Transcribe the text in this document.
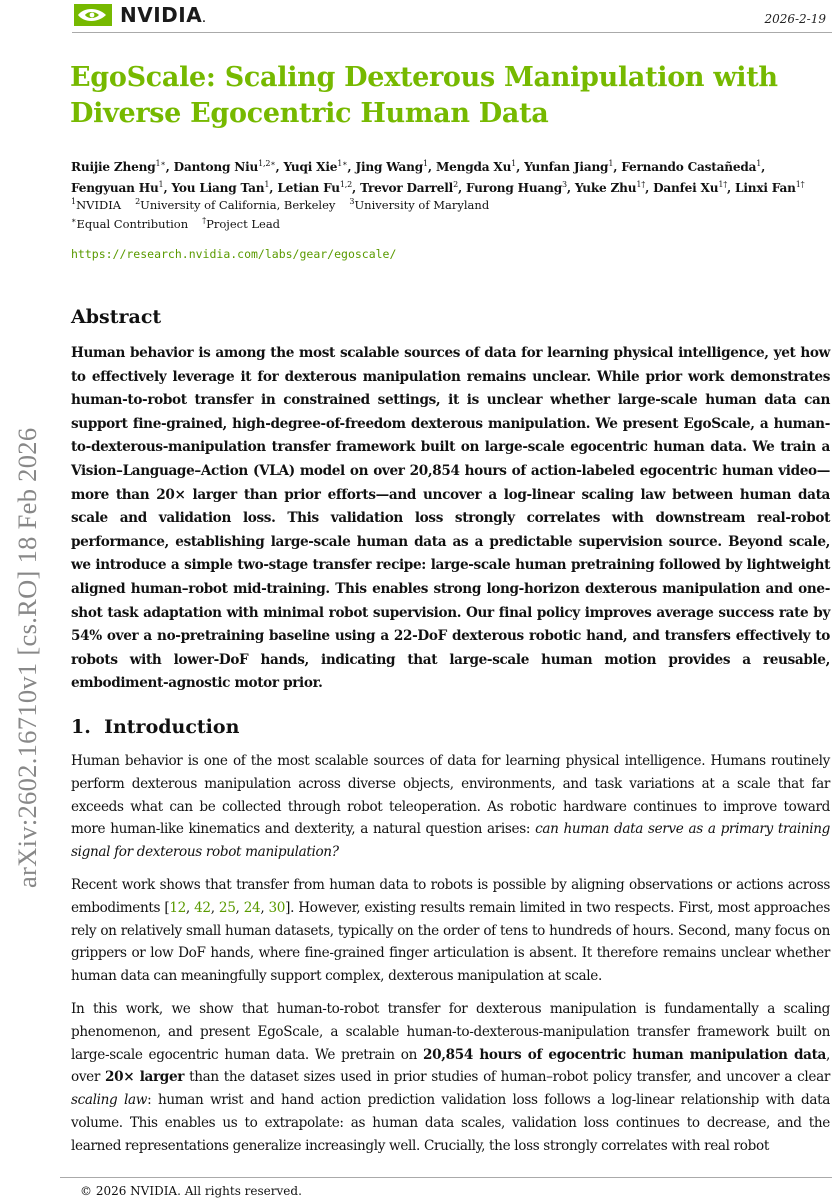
NVIDIA.	2026-2-19
arXiv:2602.16710v1 [cs.RO] 18 Feb 2026
EgoScale: Scaling Dexterous Manipulation with Diverse Egocentric Human Data
Ruijie Zheng$^{1∗}$, Dantong Niu$^{1,2∗}$, Yuqi Xie$^{1∗}$, Jing Wang$^1$, Mengda Xu$^1$, Yunfan Jiang$^1$, Fernando Castañeda$^1$, Fengyuan Hu$^1$, You Liang Tan$^1$, Letian Fu$^{1,2}$, Trevor Darrell$^2$, Furong Huang$^3$, Yuke Zhu$^{1\dagger}$, Danfei $Xu^{1\dagger}$, Linxi Fan$^{1\dagger}$
$^1$NVIDIA $^2$University of California, Berkeley $^3$University of Maryland
∗Equal Contribution †Project Lead
https://research.nvidia.com/labs/gear/egoscale/
Abstract
Human behavior is among the most scalable sources of data for learning physical intelligence, yet how to effectively leverage it for dexterous manipulation remains unclear. While prior work demonstrates human-to-robot transfer in constrained settings, it is unclear whether large-scale human data can support fine-grained, high-degree-of-freedom dexterous manipulation. We present EgoScale, a human-to-dexterous-manipulation transfer framework built on large-scale egocentric human data. We train a Vision–Language–Action (VLA) model on over 20,854 hours of action-labeled egocentric human video—more than 20× larger than prior efforts—and uncover a log-linear scaling law between human data scale and validation loss. This validation loss strongly correlates with downstream real-robot performance, establishing large-scale human data as a predictable supervision source. Beyond scale, we introduce a simple two-stage transfer recipe: large-scale human pretraining followed by lightweight aligned human–robot mid-training. This enables strong long-horizon dexterous manipulation and one-shot task adaptation with minimal robot supervision. Our final policy improves average success rate by 54% over a no-pretraining baseline using a 22-DoF dexterous robotic hand, and transfers effectively to robots with lower-DoF hands, indicating that large-scale human motion provides a reusable, embodiment-agnostic motor prior.
1. Introduction

Human behavior is one of the most scalable sources of data for learning physical intelligence. Humans routinely perform dexterous manipulation across diverse objects, environments, and task variations at a scale that far exceeds what can be collected through robot teleoperation. As robotic hardware continues to improve toward more human-like kinematics and dexterity, a natural question arises: can human data serve as a primary training signal for dexterous robot manipulation?

Recent work shows that transfer from human data to robots is possible by aligning observations or actions across embodiments [12, 42, 25, 24, 30]. However, existing results remain limited in two respects. First, most approaches rely on relatively small human datasets, typically on the order of tens to hundreds of hours. Second, many focus on grippers or low DoF hands, where fine-grained finger articulation is absent. It therefore remains unclear whether human data can meaningfully support complex, dexterous manipulation at scale.

In this work, we show that human-to-robot transfer for dexterous manipulation is fundamentally a scaling phenomenon, and present EgoScale, a scalable human-to-dexterous-manipulation transfer framework built on large-scale egocentric human data. We pretrain on 20,854 hours of egocentric human manipulation data, over 20× larger than the dataset sizes used in prior studies of human–robot policy transfer, and uncover a clear scaling law: human wrist and hand action prediction validation loss follows a log-linear relationship with data volume. This enables us to extrapolate: as human data scales, validation loss continues to decrease, and the learned representations generalize increasingly well. Crucially, the loss strongly correlates with real robot

© 2026 NVIDIA. All rights reserved.
